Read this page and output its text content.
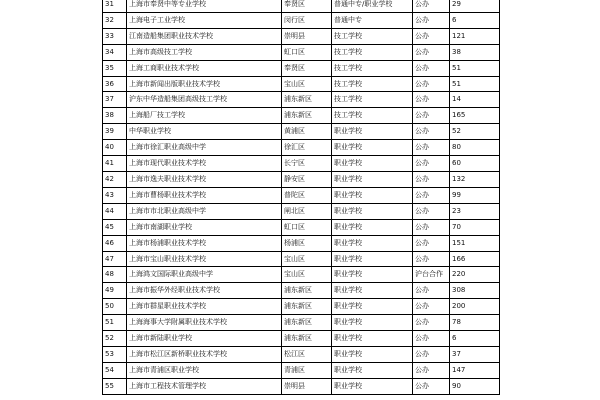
31	上海市奉贤中等专业学校	奉贤区	普通中专/职业学校	公办	29
32	上海电子工业学校	闵行区	普通中专	公办	6
33	江南造船集团职业技术学校	崇明县	技工学校	公办	121
34	上海市高级技工学校	虹口区	技工学校	公办	38
35	上海工商职业技术学校	奉贤区	技工学校	公办	51
36	上海市新闻出版职业技术学校	宝山区	技工学校	公办	51
37	沪东中华造船集团高级技工学校	浦东新区	技工学校	公办	14
38	上海船厂技工学校	浦东新区	技工学校	公办	165
39	中华职业学校	黄浦区	职业学校	公办	52
40	上海市徐汇职业高级中学	徐汇区	职业学校	公办	80
41	上海市现代职业技术学校	长宁区	职业学校	公办	60
42	上海市逸夫职业技术学校	静安区	职业学校	公办	132
43	上海市曹杨职业技术学校	普陀区	职业学校	公办	99
44	上海市市北职业高级中学	闸北区	职业学校	公办	23
45	上海市南湖职业学校	虹口区	职业学校	公办	70
46	上海市杨浦职业技术学校	杨浦区	职业学校	公办	151
47	上海市宝山职业技术学校	宝山区	职业学校	公办	166
48	上海鸿文国际职业高级中学	宝山区	职业学校	沪台合作	220
49	上海市振华外经职业技术学校	浦东新区	职业学校	公办	308
50	上海市群星职业技术学校	浦东新区	职业学校	公办	200
51	上海海事大学附属职业技术学校	浦东新区	职业学校	公办	78
52	上海市新陆职业学校	浦东新区	职业学校	公办	6
53	上海市松江区新桥职业技术学校	松江区	职业学校	公办	37
54	上海市青浦区职业学校	青浦区	职业学校	公办	147
55	上海市工程技术管理学校	崇明县	职业学校	公办	90
